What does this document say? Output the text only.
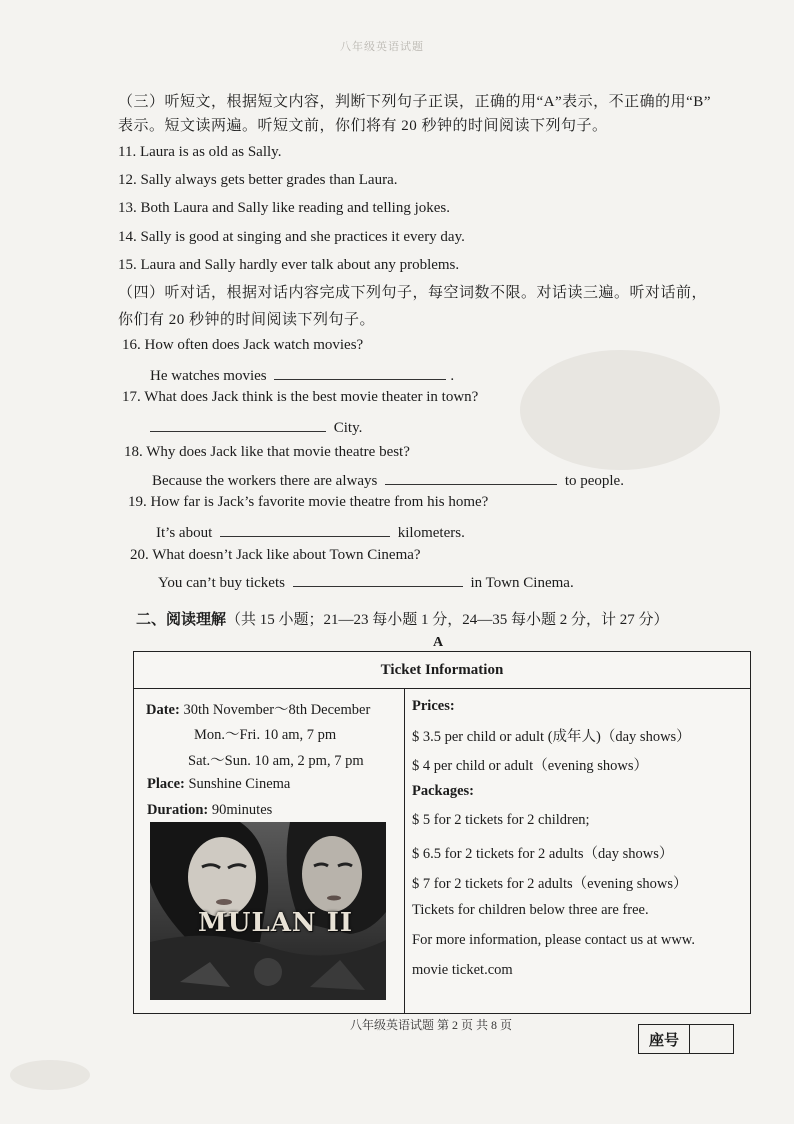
八年级英语试题
（三）听短文，根据短文内容，判断下列句子正误，正确的用“A”表示，不正确的用“B”
表示。短文读两遍。听短文前，你们将有 20 秒钟的时间阅读下列句子。
11. Laura is as old as Sally.
12. Sally always gets better grades than Laura.
13. Both Laura and Sally like reading and telling jokes.
14. Sally is good at singing and she practices it every day.
15. Laura and Sally hardly ever talk about any problems.
（四）听对话，根据对话内容完成下列句子，每空词数不限。对话读三遍。听对话前，
你们有 20 秒钟的时间阅读下列句子。
16. How often does Jack watch movies?
He watches movies	.
17. What does Jack think is the best movie theater in town?
City.
18. Why does Jack like that movie theatre best?
Because the workers there are always	to people.
19. How far is Jack’s favorite movie theatre from his home?
It’s about	kilometers.
20. What doesn’t Jack like about Town Cinema?
You can’t buy tickets	in Town Cinema.
二、阅读理解（共 15 小题；21—23 每小题 1 分，24—35 每小题 2 分，计 27 分）
A
Ticket Information
Date: 30th November～8th December
Mon.～Fri. 10 am, 7 pm
Sat.～Sun. 10 am, 2 pm, 7 pm
Place: Sunshine Cinema
Duration: 90minutes
MULAN II
Prices:
$ 3.5 per child or adult (成年人)（day shows）
$ 4 per child or adult（evening shows）
Packages:
$ 5 for 2 tickets for 2 children;
$ 6.5 for 2 tickets for 2 adults（day shows）
$ 7 for 2 tickets for 2 adults（evening shows）
Tickets for children below three are free.
For more information, please contact us at www.
movie ticket.com
八年级英语试题 第 2 页 共 8 页
座号
